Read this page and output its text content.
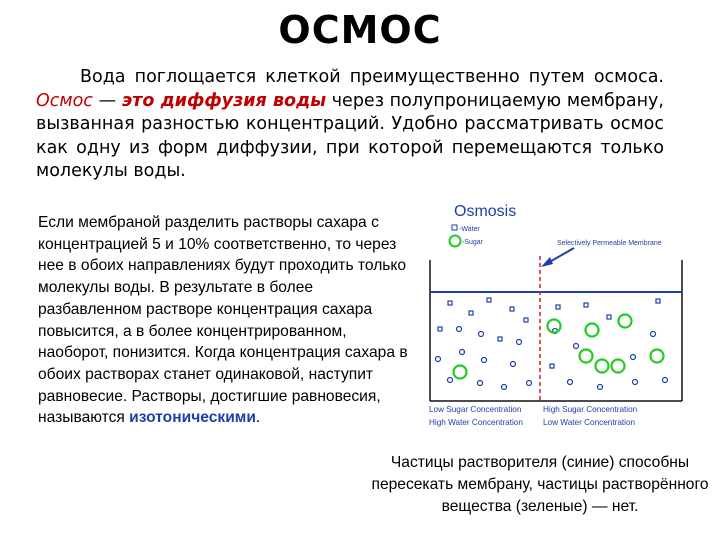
ОСМОС
Вода поглощается клеткой преимущественно путем осмоса. Осмос — это диффузия воды через полупроницаемую мембрану, вызванная разностью концентраций. Удобно рассматривать осмос как одну из форм диффузии, при которой перемещаются только молекулы воды.
Если мембраной разделить растворы сахара с концентрацией 5 и 10% соответственно, то через нее в обоих направлениях будут проходить только молекулы воды. В результате в более разбавленном растворе концентрация сахара повысится, а в более концентрированном, наоборот, понизится. Когда концентрация сахара в обоих растворах станет одинаковой, наступит равновесие. Растворы, достигшие равновесия, называются изотоническими.
Osmosis
-Water
-Sugar	Selectively Permeable Membrane
Low Sugar Concentration
High Water Concentration
High Sugar Concentration
Low Water Concentration
Частицы растворителя (синие) способны пересекать мембрану, частицы растворённого вещества (зеленые) — нет.
